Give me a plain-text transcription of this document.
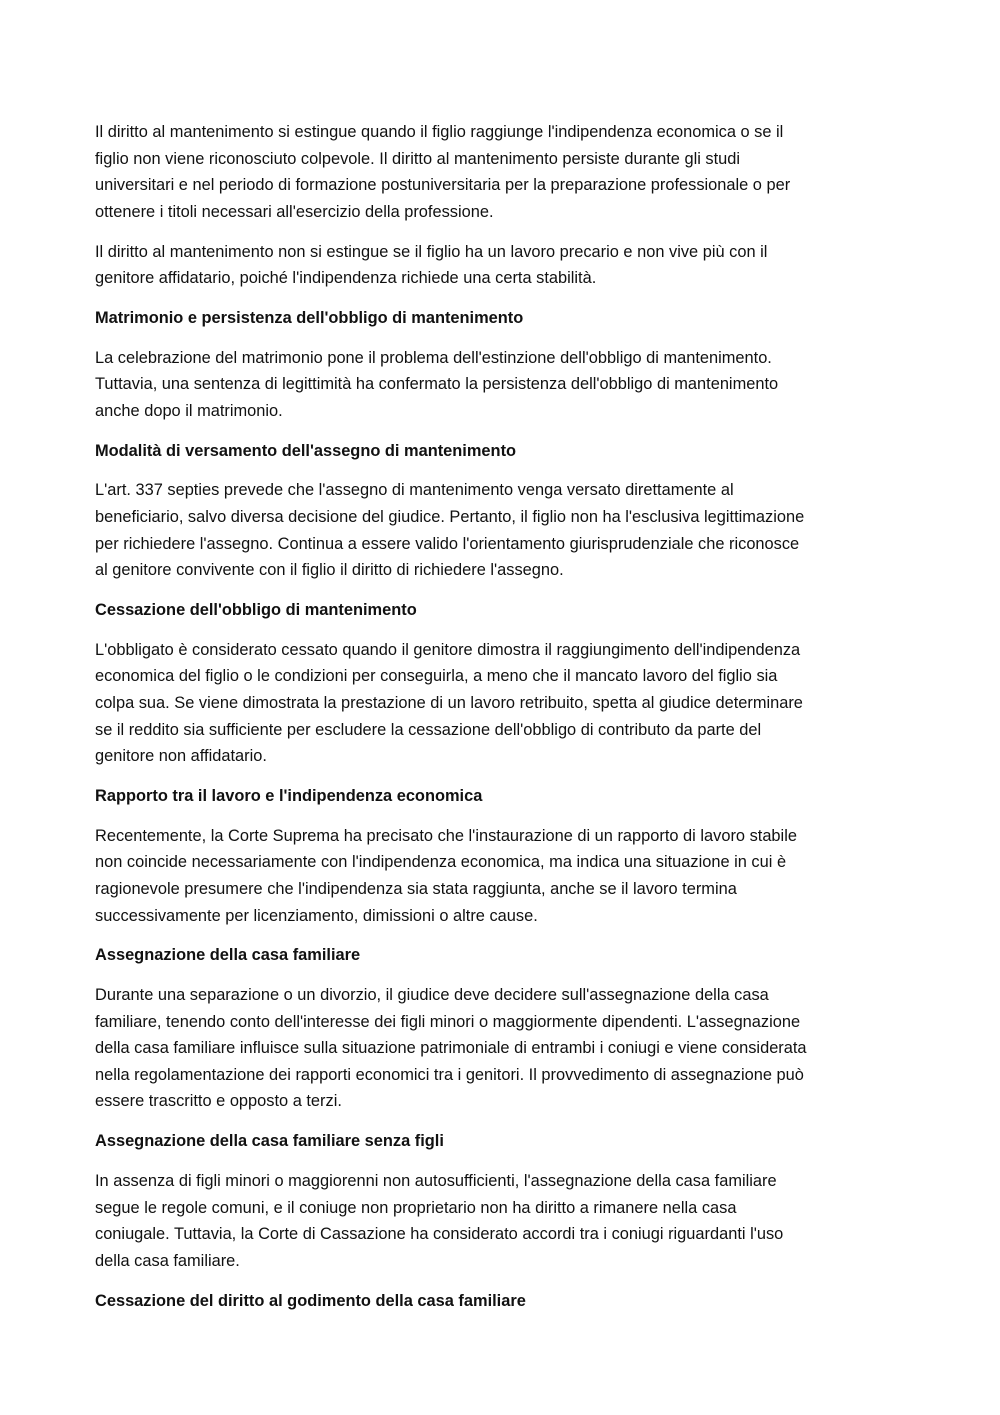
Il diritto al mantenimento si estingue quando il figlio raggiunge l'indipendenza economica o se il
figlio non viene riconosciuto colpevole. Il diritto al mantenimento persiste durante gli studi
universitari e nel periodo di formazione postuniversitaria per la preparazione professionale o per
ottenere i titoli necessari all'esercizio della professione.

Il diritto al mantenimento non si estingue se il figlio ha un lavoro precario e non vive più con il
genitore affidatario, poiché l'indipendenza richiede una certa stabilità.

Matrimonio e persistenza dell'obbligo di mantenimento

La celebrazione del matrimonio pone il problema dell'estinzione dell'obbligo di mantenimento.
Tuttavia, una sentenza di legittimità ha confermato la persistenza dell'obbligo di mantenimento
anche dopo il matrimonio.

Modalità di versamento dell'assegno di mantenimento

L'art. 337 septies prevede che l'assegno di mantenimento venga versato direttamente al
beneficiario, salvo diversa decisione del giudice. Pertanto, il figlio non ha l'esclusiva legittimazione
per richiedere l'assegno. Continua a essere valido l'orientamento giurisprudenziale che riconosce
al genitore convivente con il figlio il diritto di richiedere l'assegno.

Cessazione dell'obbligo di mantenimento

L'obbligato è considerato cessato quando il genitore dimostra il raggiungimento dell'indipendenza
economica del figlio o le condizioni per conseguirla, a meno che il mancato lavoro del figlio sia
colpa sua. Se viene dimostrata la prestazione di un lavoro retribuito, spetta al giudice determinare
se il reddito sia sufficiente per escludere la cessazione dell'obbligo di contributo da parte del
genitore non affidatario.

Rapporto tra il lavoro e l'indipendenza economica

Recentemente, la Corte Suprema ha precisato che l'instaurazione di un rapporto di lavoro stabile
non coincide necessariamente con l'indipendenza economica, ma indica una situazione in cui è
ragionevole presumere che l'indipendenza sia stata raggiunta, anche se il lavoro termina
successivamente per licenziamento, dimissioni o altre cause.

Assegnazione della casa familiare

Durante una separazione o un divorzio, il giudice deve decidere sull'assegnazione della casa
familiare, tenendo conto dell'interesse dei figli minori o maggiormente dipendenti. L'assegnazione
della casa familiare influisce sulla situazione patrimoniale di entrambi i coniugi e viene considerata
nella regolamentazione dei rapporti economici tra i genitori. Il provvedimento di assegnazione può
essere trascritto e opposto a terzi.

Assegnazione della casa familiare senza figli

In assenza di figli minori o maggiorenni non autosufficienti, l'assegnazione della casa familiare
segue le regole comuni, e il coniuge non proprietario non ha diritto a rimanere nella casa
coniugale. Tuttavia, la Corte di Cassazione ha considerato accordi tra i coniugi riguardanti l'uso
della casa familiare.

Cessazione del diritto al godimento della casa familiare
